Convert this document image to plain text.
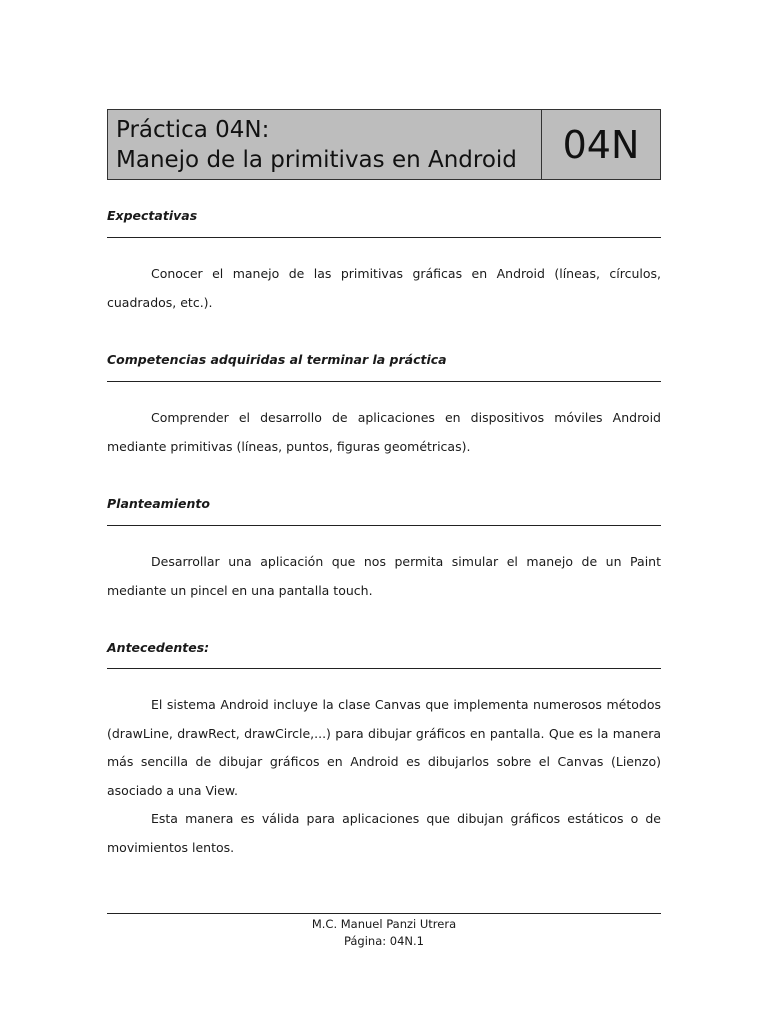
Práctica 04N:
Manejo de la primitivas en Android	04N
Expectativas
Conocer el manejo de las primitivas gráficas en Android (líneas, círculos, cuadrados, etc.).
Competencias adquiridas al terminar la práctica
Comprender el desarrollo de aplicaciones en dispositivos móviles Android mediante primitivas (líneas, puntos, figuras geométricas).
Planteamiento
Desarrollar una aplicación que nos permita simular el manejo de un Paint mediante un pincel en una pantalla touch.
Antecedentes:
El sistema Android incluye la clase Canvas que implementa numerosos métodos (drawLine, drawRect, drawCircle,...) para dibujar gráficos en pantalla. Que es la manera más sencilla de dibujar gráficos en Android es dibujarlos sobre el Canvas (Lienzo) asociado a una View.
Esta manera es válida para aplicaciones que dibujan gráficos estáticos o de movimientos lentos.
M.C. Manuel Panzi Utrera
Página: 04N.1
